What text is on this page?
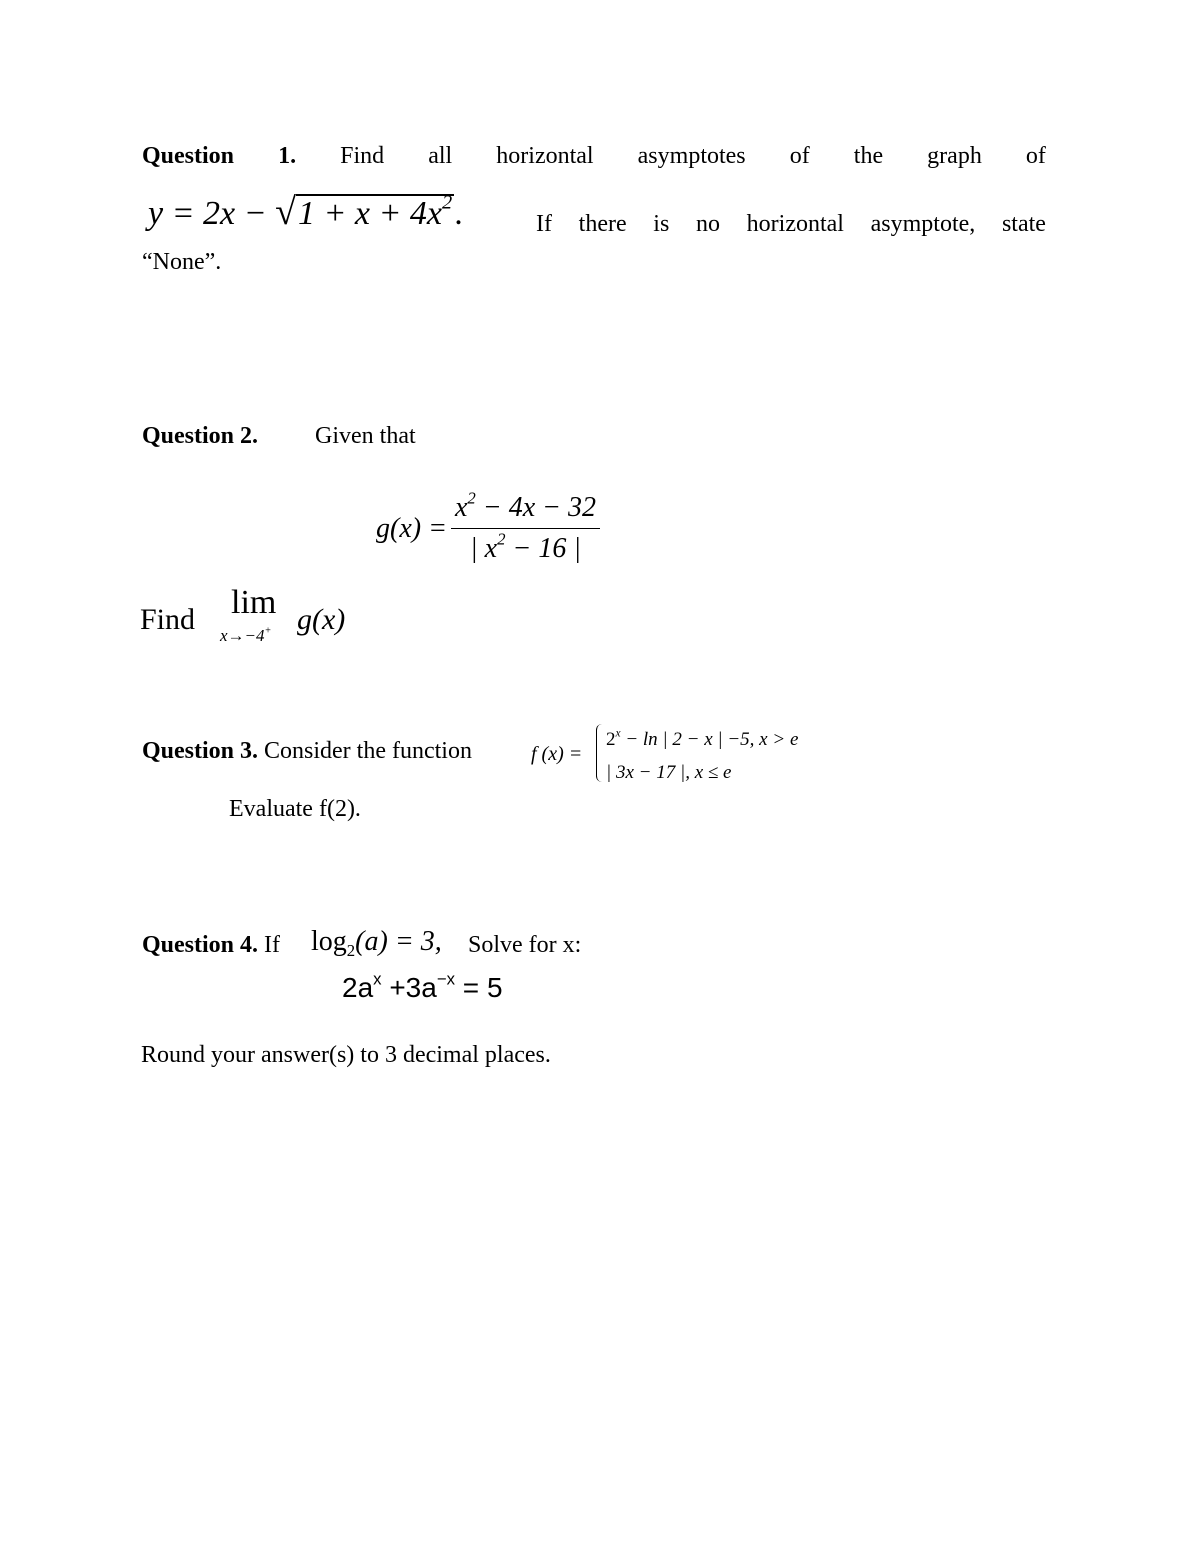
Question 1. Find all horizontal asymptotes of the graph of
$y = 2x - √1 + x + 4x^2$.	If there is no horizontal asymptote, state
“None”.
Question 2. Given that
$g(x) = \frac{x^2 - 4x - 32}{| x^2 - 16 |}$
Find lim
x→−4+ g(x)
Question 3. Consider the function	f (x) =
$2^x - \ln$ | 2 − x | −5, x > e
| 3x − 17 |, x ≤ e
Evaluate f(2).
Question 4. If $\log_2(a) = 3$, Solve for x:
$2a^x +3a^{-x} = 5$
Round your answer(s) to 3 decimal places.
